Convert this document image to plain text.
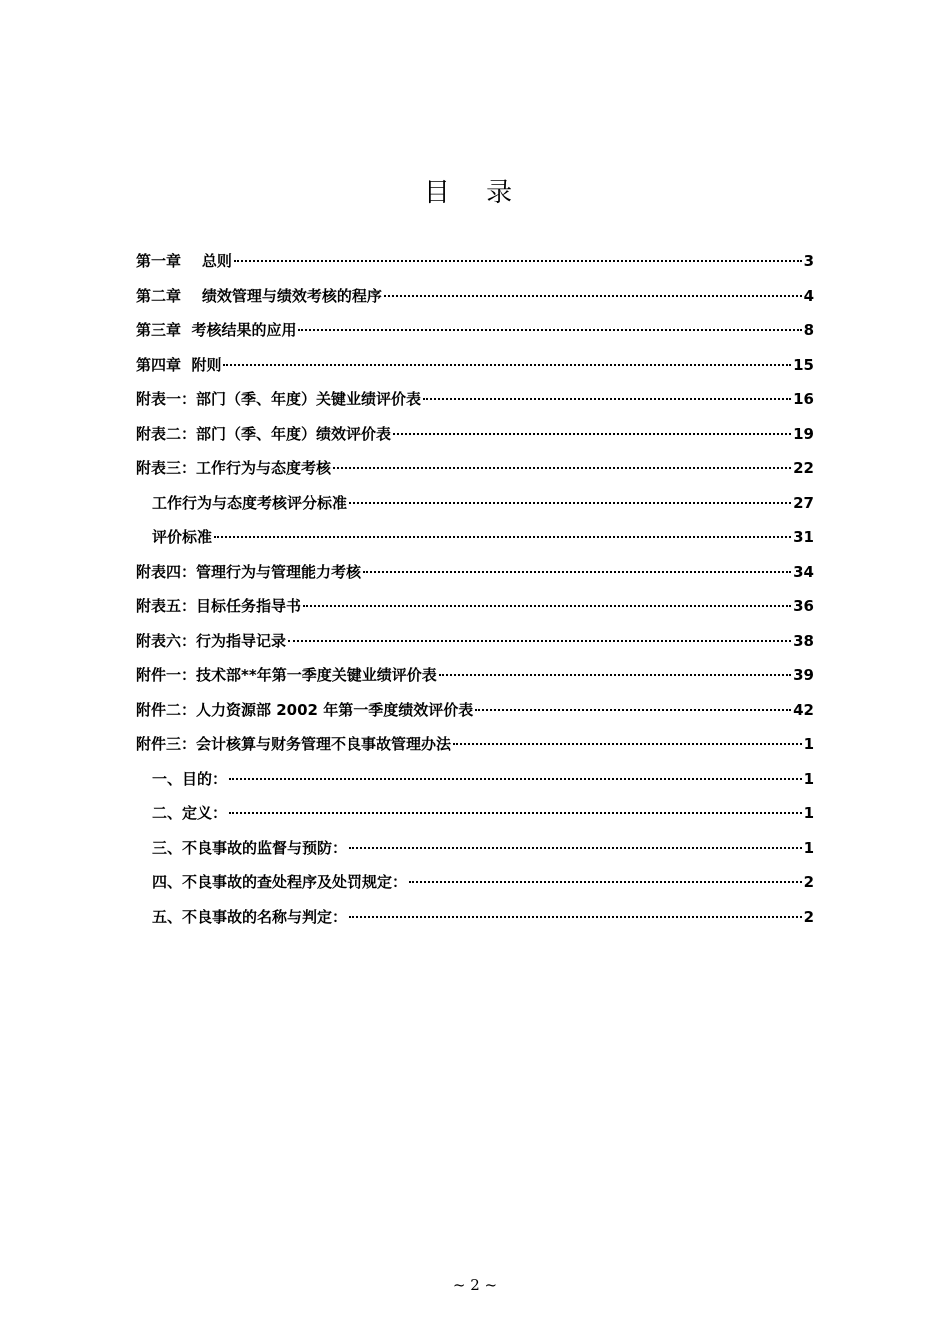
目 录
第一章    总则	3
第二章    绩效管理与绩效考核的程序	4
第三章  考核结果的应用	8
第四章  附则	15
附表一：部门（季、年度）关键业绩评价表	16
附表二：部门（季、年度）绩效评价表	19
附表三：工作行为与态度考核	22
工作行为与态度考核评分标准	27
评价标准	31
附表四：管理行为与管理能力考核	34
附表五：目标任务指导书	36
附表六：行为指导记录	38
附件一：技术部**年第一季度关键业绩评价表	39
附件二：人力资源部 2002 年第一季度绩效评价表	42
附件三：会计核算与财务管理不良事故管理办法	1
一、目的：	1
二、定义：	1
三、不良事故的监督与预防：	1
四、不良事故的查处程序及处罚规定：	2
五、不良事故的名称与判定：	2
~ 2 ~
